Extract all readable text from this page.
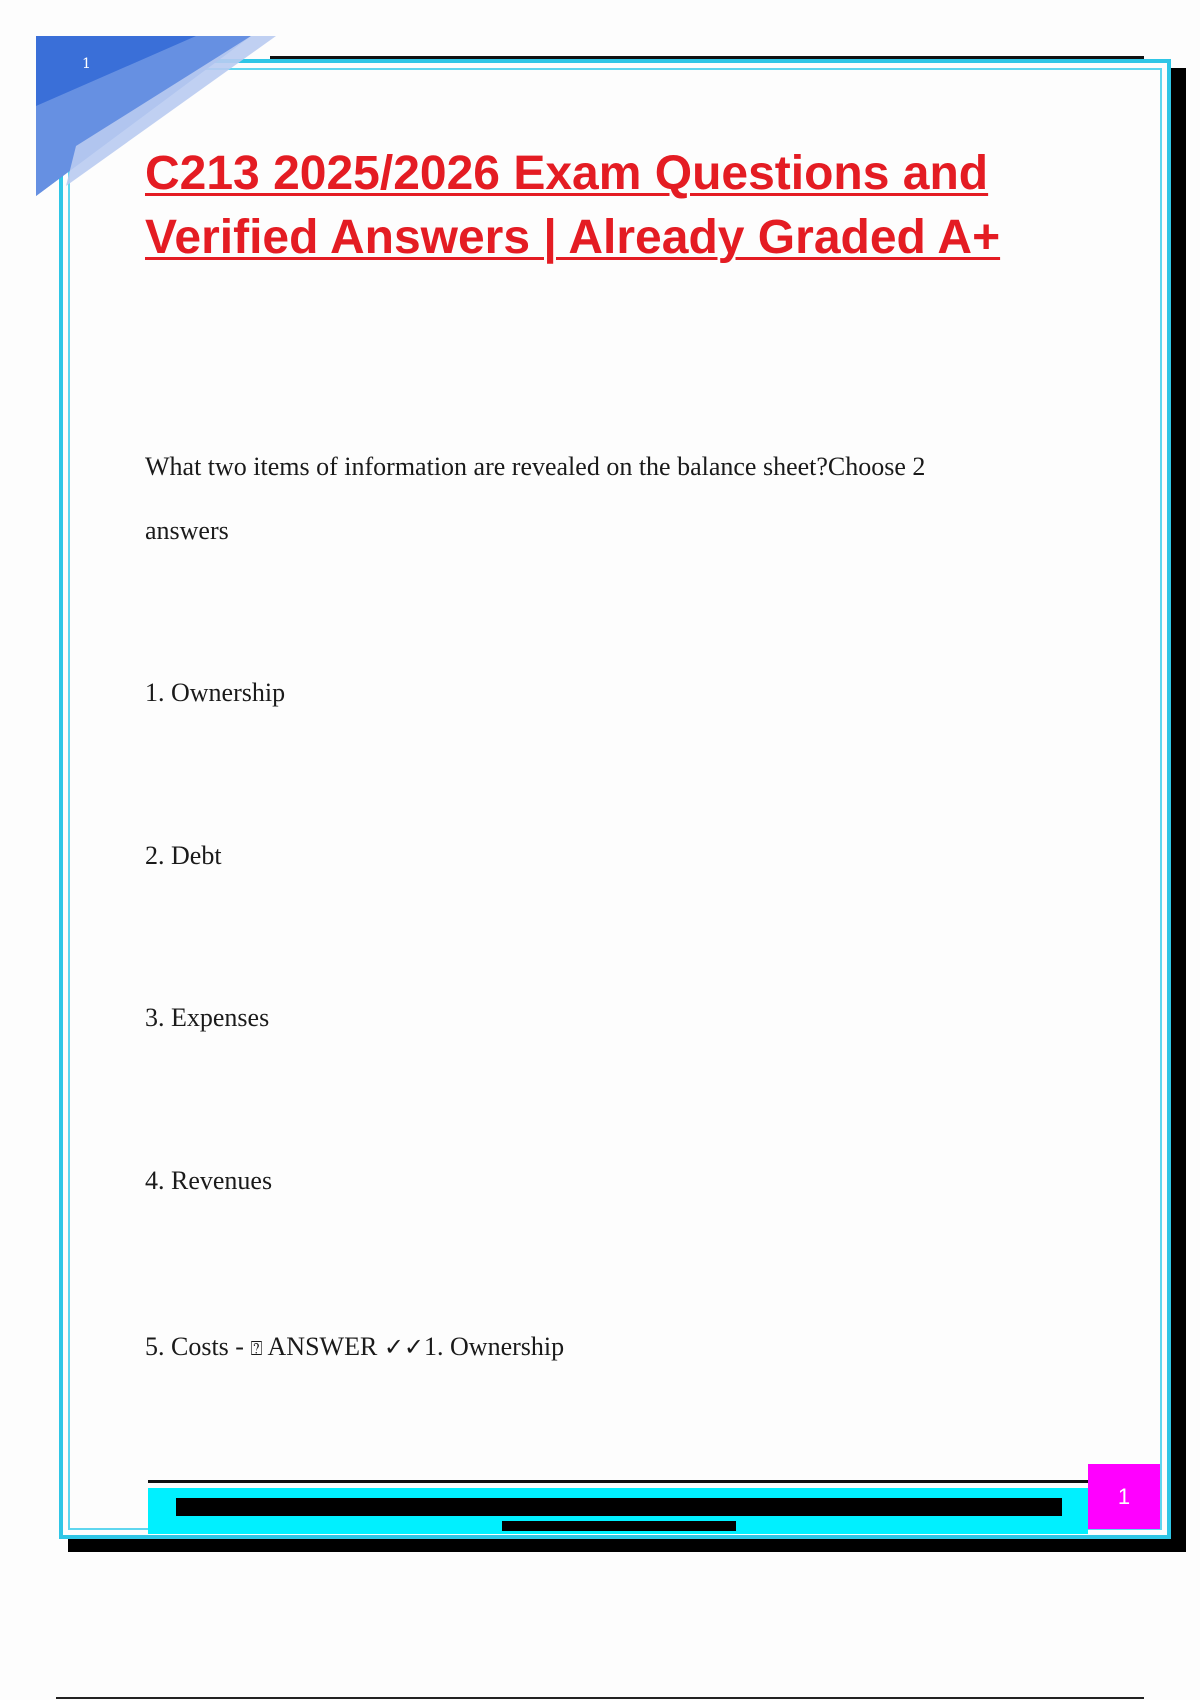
1
C213 2025/2026 Exam Questions and Verified Answers | Already Graded A+

What two items of information are revealed on the balance sheet?Choose 2

answers

1. Ownership

2. Debt

3. Expenses

4. Revenues

5. Costs - ⍰ ANSWER ✓✓1. Ownership

1
